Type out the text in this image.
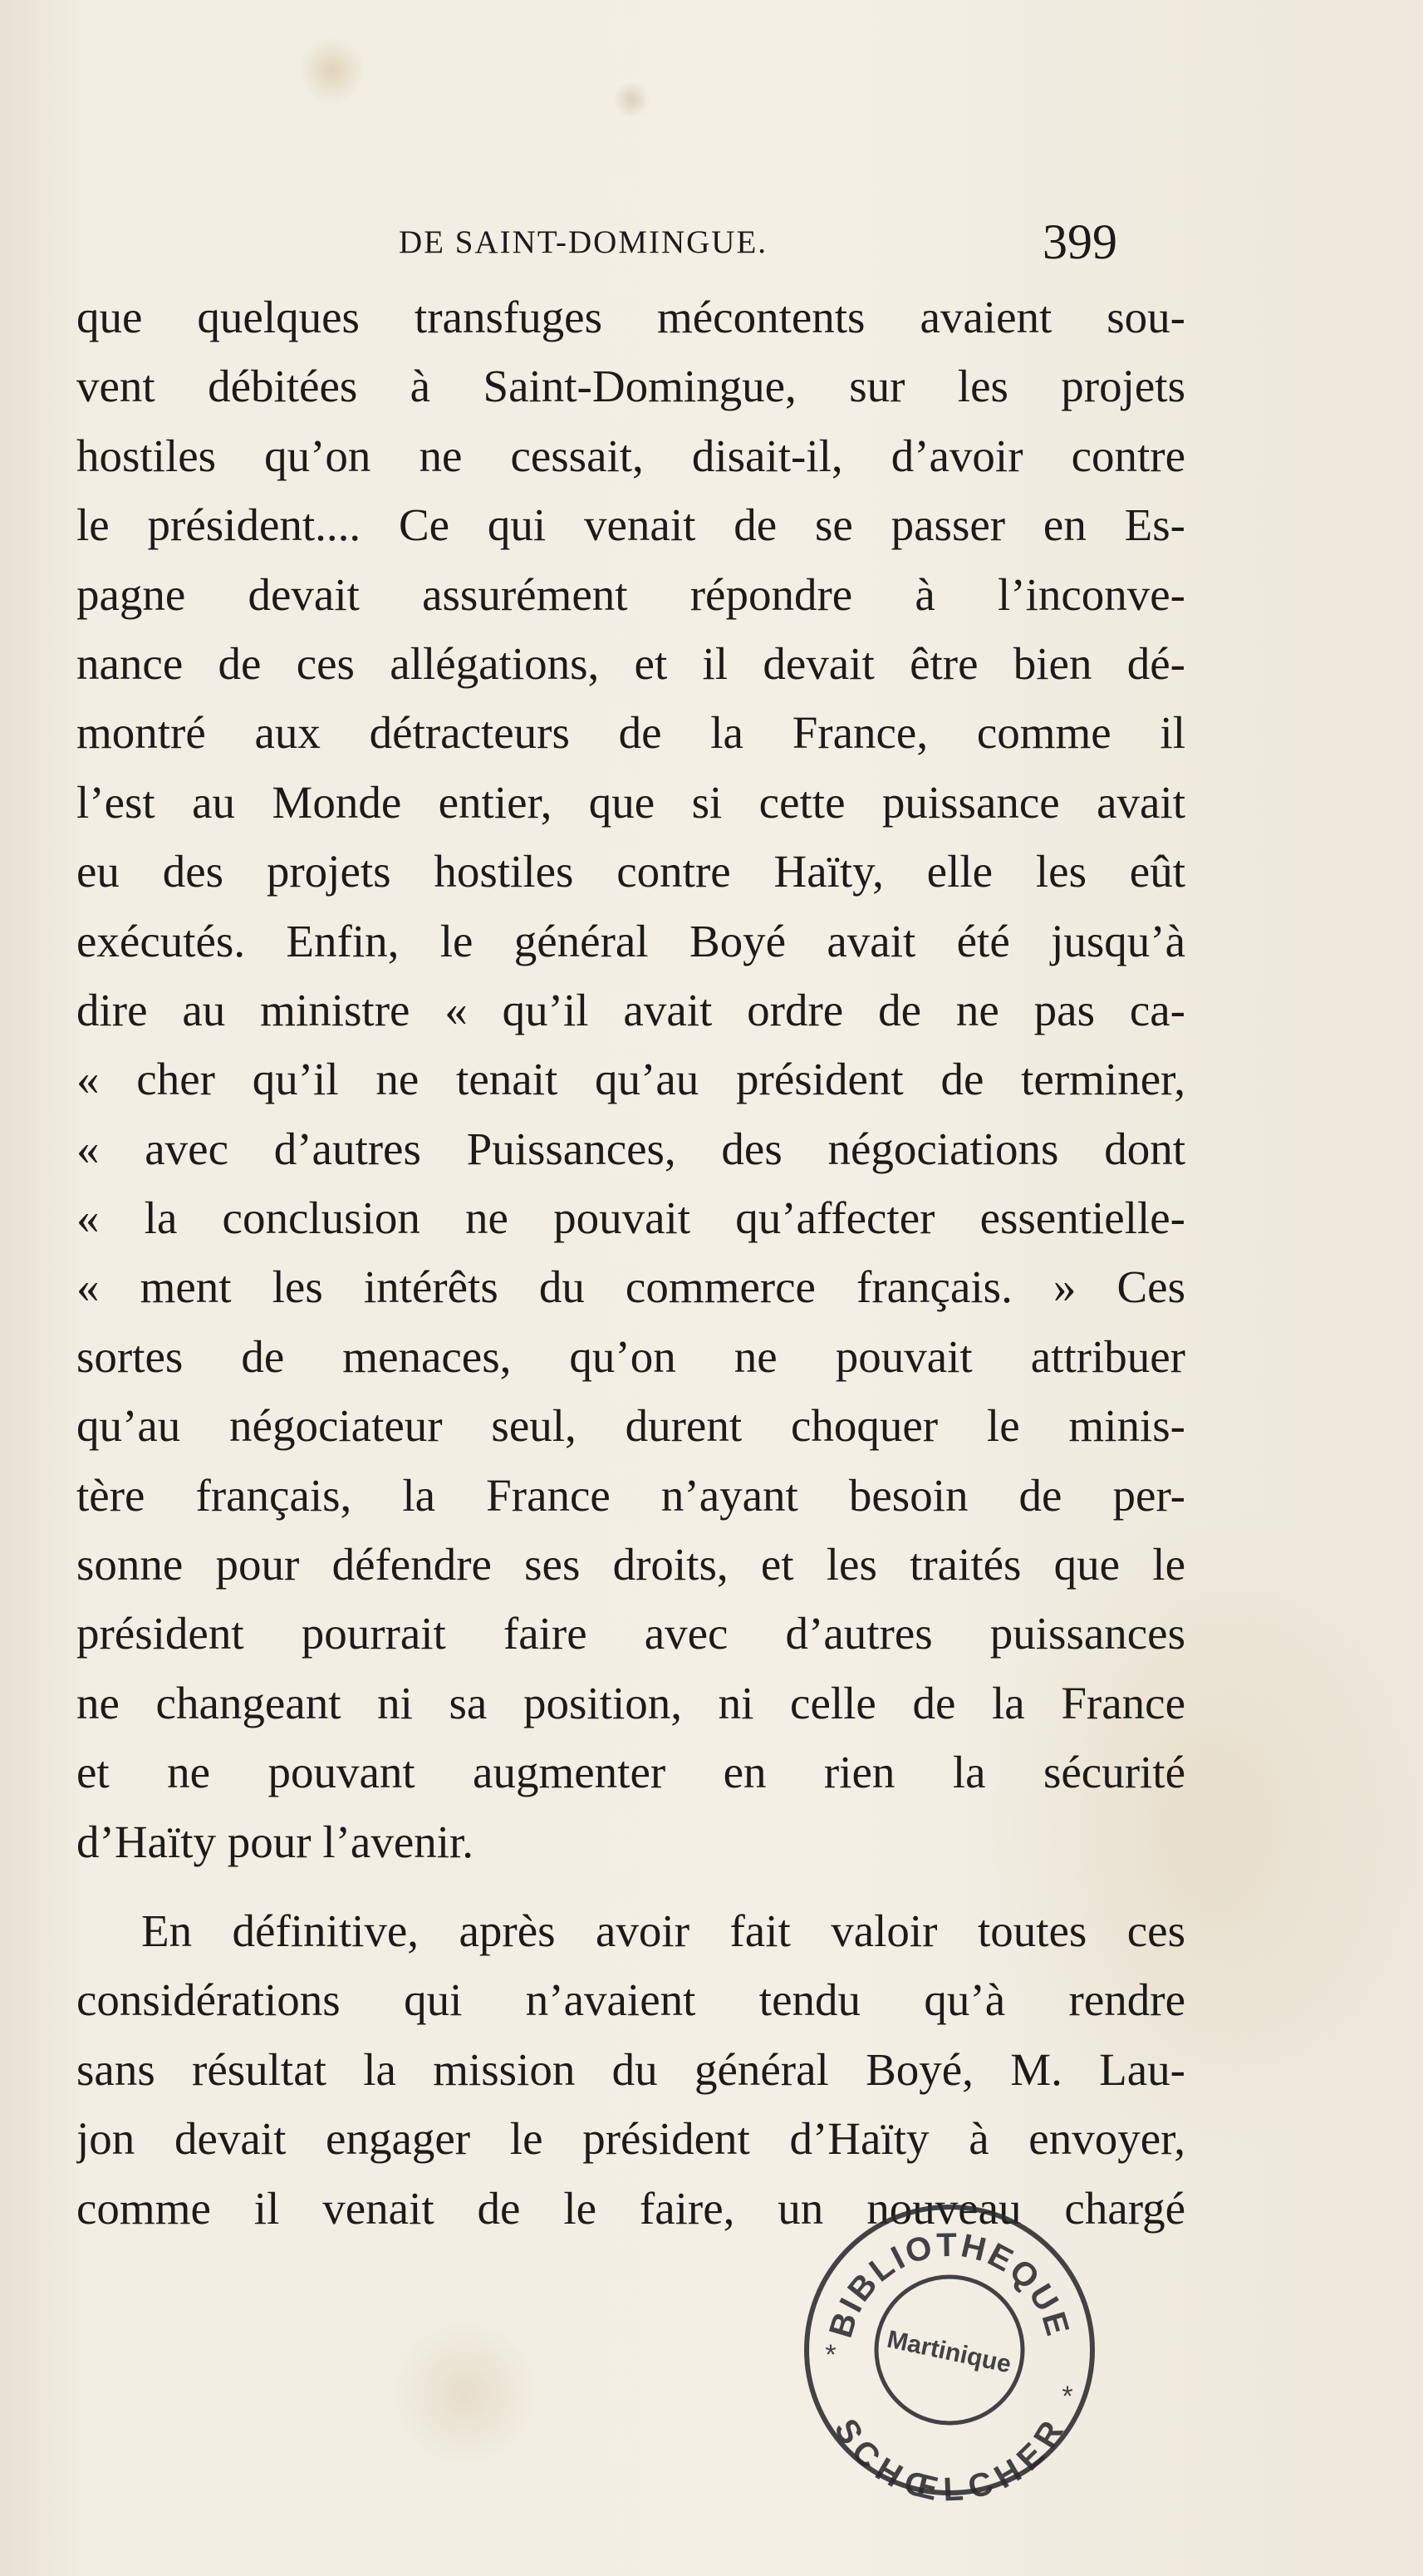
DE SAINT-DOMINGUE.	399
que quelques transfuges mécontents avaient sou-
vent débitées à Saint-Domingue, sur les projets
hostiles qu’on ne cessait, disait-il, d’avoir contre
le président.... Ce qui venait de se passer en Es-
pagne devait assurément répondre à l’inconve-
nance de ces allégations, et il devait être bien dé-
montré aux détracteurs de la France, comme il
l’est au Monde entier, que si cette puissance avait
eu des projets hostiles contre Haïty, elle les eût
exécutés. Enfin, le général Boyé avait été jusqu’à
dire au ministre « qu’il avait ordre de ne pas ca-
« cher qu’il ne tenait qu’au président de terminer,
« avec d’autres Puissances, des négociations dont
« la conclusion ne pouvait qu’affecter essentielle-
« ment les intérêts du commerce français. » Ces
sortes de menaces, qu’on ne pouvait attribuer
qu’au négociateur seul, durent choquer le minis-
tère français, la France n’ayant besoin de per-
sonne pour défendre ses droits, et les traités que le
président pourrait faire avec d’autres puissances
ne changeant ni sa position, ni celle de la France
et ne pouvant augmenter en rien la sécurité
d’Haïty pour l’avenir.
En définitive, après avoir fait valoir toutes ces
considérations qui n’avaient tendu qu’à rendre
sans résultat la mission du général Boyé, M. Lau-
jon devait engager le président d’Haïty à envoyer,
comme il venait de le faire, un nouveau chargé
BIBLIOTHEQUE
SCHŒLCHER
Martinique
*
*
